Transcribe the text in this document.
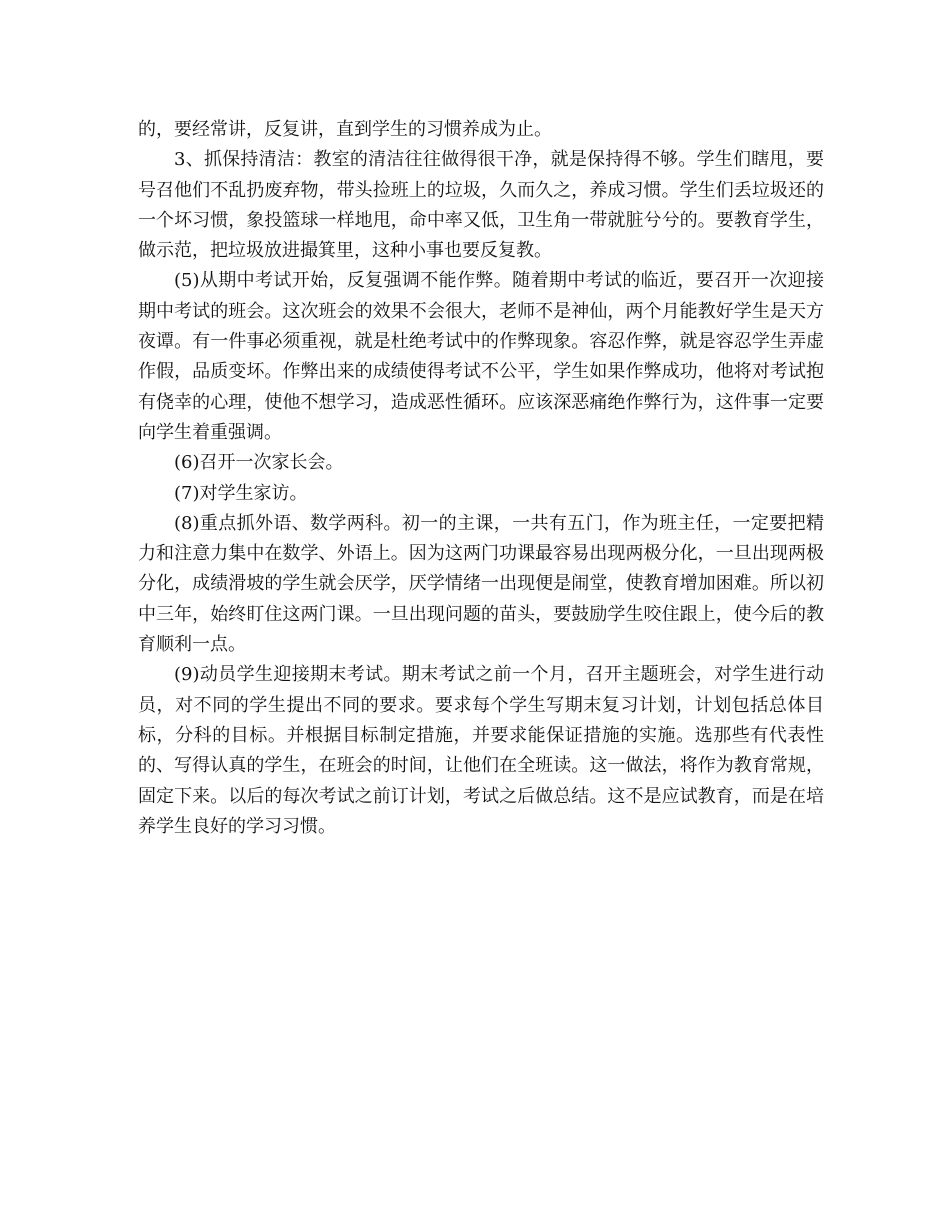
的，要经常讲，反复讲，直到学生的习惯养成为止。

3、抓保持清洁：教室的清洁往往做得很干净，就是保持得不够。学生们瞎甩，要号召他们不乱扔废弃物，带头捡班上的垃圾，久而久之，养成习惯。学生们丢垃圾还的一个坏习惯，象投篮球一样地甩，命中率又低，卫生角一带就脏兮兮的。要教育学生，做示范，把垃圾放进撮箕里，这种小事也要反复教。

(5)从期中考试开始，反复强调不能作弊。随着期中考试的临近，要召开一次迎接期中考试的班会。这次班会的效果不会很大，老师不是神仙，两个月能教好学生是天方夜谭。有一件事必须重视，就是杜绝考试中的作弊现象。容忍作弊，就是容忍学生弄虚作假，品质变坏。作弊出来的成绩使得考试不公平，学生如果作弊成功，他将对考试抱有侥幸的心理，使他不想学习，造成恶性循环。应该深恶痛绝作弊行为，这件事一定要向学生着重强调。

(6)召开一次家长会。

(7)对学生家访。

(8)重点抓外语、数学两科。初一的主课，一共有五门，作为班主任，一定要把精力和注意力集中在数学、外语上。因为这两门功课最容易出现两极分化，一旦出现两极分化，成绩滑坡的学生就会厌学，厌学情绪一出现便是闹堂，使教育增加困难。所以初中三年，始终盯住这两门课。一旦出现问题的苗头，要鼓励学生咬住跟上，使今后的教育顺利一点。

(9)动员学生迎接期末考试。期末考试之前一个月，召开主题班会，对学生进行动员，对不同的学生提出不同的要求。要求每个学生写期末复习计划，计划包括总体目标，分科的目标。并根据目标制定措施，并要求能保证措施的实施。选那些有代表性的、写得认真的学生，在班会的时间，让他们在全班读。这一做法，将作为教育常规，固定下来。以后的每次考试之前订计划，考试之后做总结。这不是应试教育，而是在培养学生良好的学习习惯。
